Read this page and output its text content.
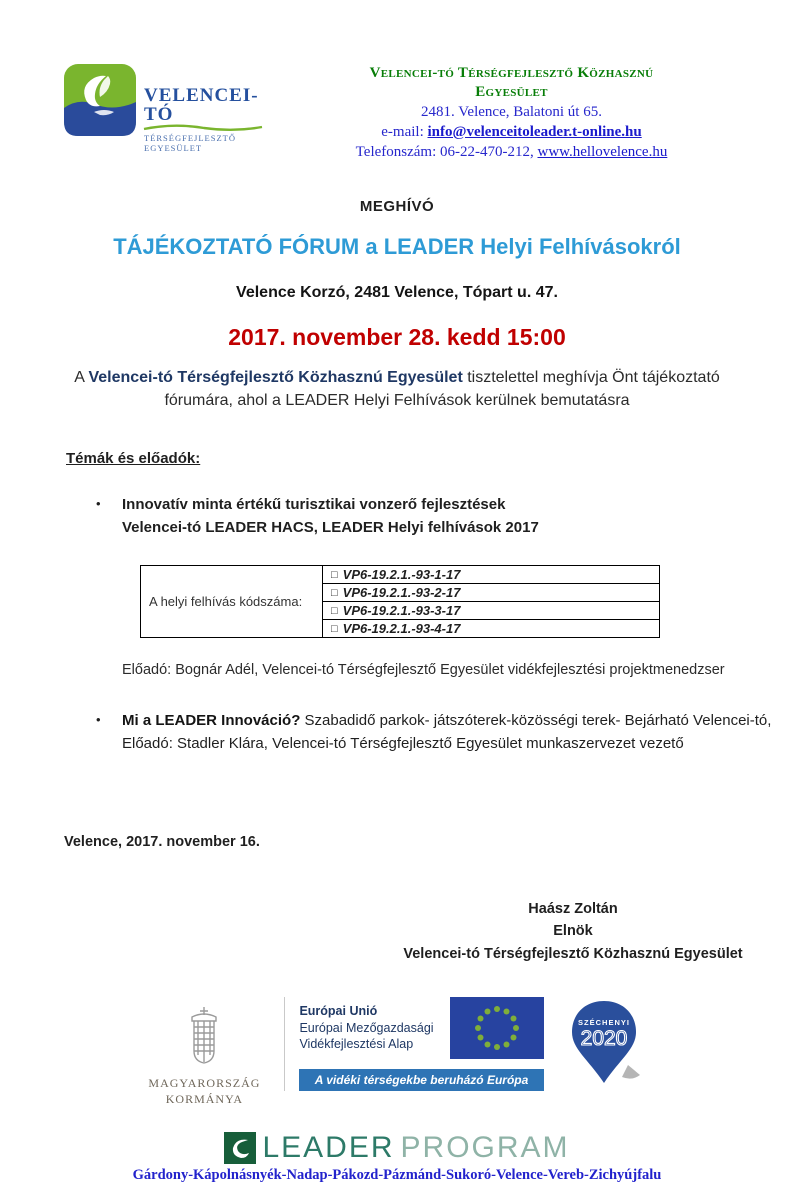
VELENCEI-TÓ
TÉRSÉGFEJLESZTŐ EGYESÜLET
Velencei-tó Térségfejlesztő Közhasznú
Egyesület
2481. Velence, Balatoni út 65.
e-mail: info@velenceitoleader.t-online.hu
Telefonszám: 06-22-470-212, www.hellovelence.hu
MEGHÍVÓ
TÁJÉKOZTATÓ FÓRUM a LEADER Helyi Felhívásokról
Velence Korzó, 2481 Velence, Tópart u. 47.
2017. november 28. kedd 15:00
A Velencei-tó Térségfejlesztő Közhasznú Egyesület tisztelettel meghívja Önt tájékoztató fórumára, ahol a LEADER Helyi Felhívások kerülnek bemutatásra
Témák és előadók:
•	Innovatív minta értékű turisztikai vonzerő fejlesztések
Velencei-tó LEADER HACS, LEADER Helyi felhívások 2017
A helyi felhívás kódszáma:	□ VP6-19.2.1.-93-1-17
□ VP6-19.2.1.-93-2-17
□ VP6-19.2.1.-93-3-17
□ VP6-19.2.1.-93-4-17
Előadó: Bognár Adél, Velencei-tó Térségfejlesztő Egyesület vidékfejlesztési projektmenedzser
•	Mi a LEADER Innováció? Szabadidő parkok- játszóterek-közösségi terek- Bejárható Velencei-tó,
Előadó: Stadler Klára, Velencei-tó Térségfejlesztő Egyesület munkaszervezet vezető
Velence, 2017. november 16.
Haász Zoltán
Elnök
Velencei-tó Térségfejlesztő Közhasznú Egyesület
MAGYARORSZÁG
KORMÁNYA
Európai Unió
Európai Mezőgazdasági
Vidékfejlesztési Alap
A vidéki térségekbe beruházó Európa
SZÉCHENYI
2020
LEADER PROGRAM
Gárdony-Kápolnásnyék-Nadap-Pákozd-Pázmánd-Sukoró-Velence-Vereb-Zichyújfalu
